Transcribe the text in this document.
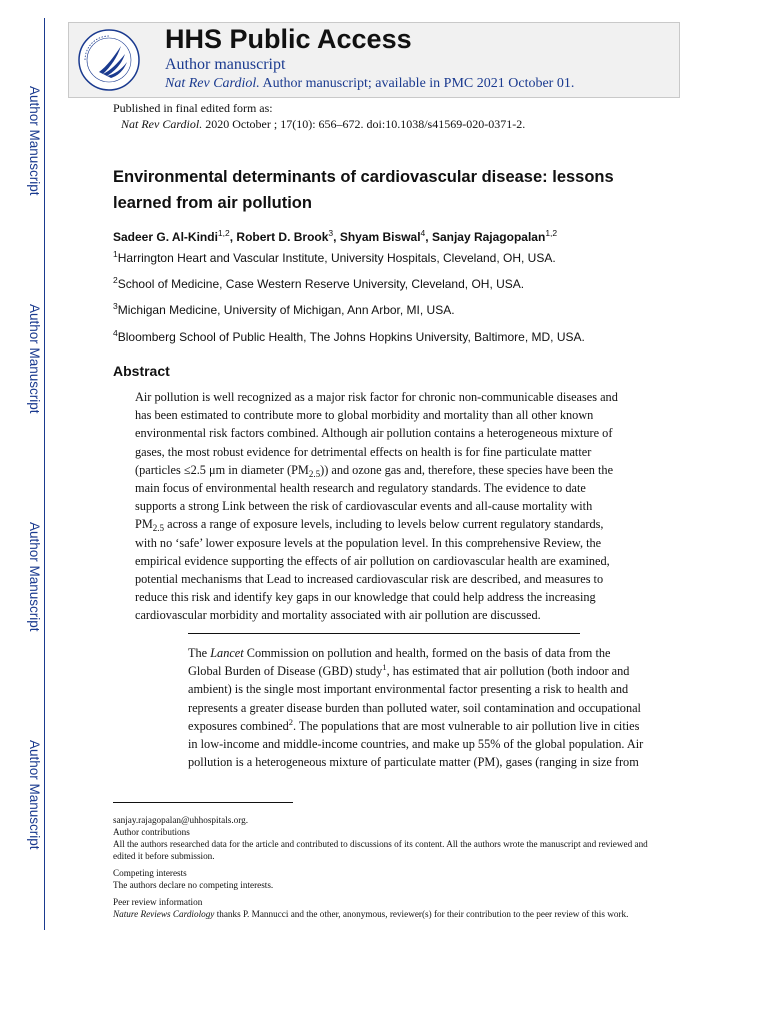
Author Manuscript
Author Manuscript
Author Manuscript
Author Manuscript
HHS Public Access
Author manuscript
Nat Rev Cardiol. Author manuscript; available in PMC 2021 October 01.
Published in final edited form as:
Nat Rev Cardiol. 2020 October ; 17(10): 656–672. doi:10.1038/s41569-020-0371-2.
Environmental determinants of cardiovascular disease: lessons learned from air pollution
Sadeer G. Al-Kindi$^{1,2}$, Robert D. Brook$^3$, Shyam Biswal$^4$, Sanjay Rajagopalan$^{1,2}$
$^1$Harrington Heart and Vascular Institute, University Hospitals, Cleveland, OH, USA.
$^2$School of Medicine, Case Western Reserve University, Cleveland, OH, USA.
$^3$Michigan Medicine, University of Michigan, Ann Arbor, MI, USA.
$^4$Bloomberg School of Public Health, The Johns Hopkins University, Baltimore, MD, USA.
Abstract
Air pollution is well recognized as a major risk factor for chronic non-communicable diseases and
has been estimated to contribute more to global morbidity and mortality than all other known
environmental risk factors combined. Although air pollution contains a heterogeneous mixture of
gases, the most robust evidence for detrimental effects on health is for fine particulate matter
(particles ≤2.5 μm in diameter $(PM_{2.5})$) and ozone gas and, therefore, these species have been the
main focus of environmental health research and regulatory standards. The evidence to date
supports a strong Link between the risk of cardiovascular events and all-cause mortality with
$PM_{2.5}$ across a range of exposure levels, including to levels below current regulatory standards,
with no ‘safe’ lower exposure levels at the population level. In this comprehensive Review, the
empirical evidence supporting the effects of air pollution on cardiovascular health are examined,
potential mechanisms that Lead to increased cardiovascular risk are described, and measures to
reduce this risk and identify key gaps in our knowledge that could help address the increasing
cardiovascular morbidity and mortality associated with air pollution are discussed.
The Lancet Commission on pollution and health, formed on the basis of data from the
Global Burden of Disease (GBD) study$^1$, has estimated that air pollution (both indoor and
ambient) is the single most important environmental factor presenting a risk to health and
represents a greater disease burden than polluted water, soil contamination and occupational
exposures combined$^2$. The populations that are most vulnerable to air pollution live in cities
in low-income and middle-income countries, and make up 55% of the global population. Air
pollution is a heterogeneous mixture of particulate matter (PM), gases (ranging in size from
sanjay.rajagopalan@uhhospitals.org.
Author contributions
All the authors researched data for the article and contributed to discussions of its content. All the authors wrote the manuscript and reviewed and edited it before submission.
Competing interests
The authors declare no competing interests.
Peer review information
Nature Reviews Cardiology thanks P. Mannucci and the other, anonymous, reviewer(s) for their contribution to the peer review of this work.
